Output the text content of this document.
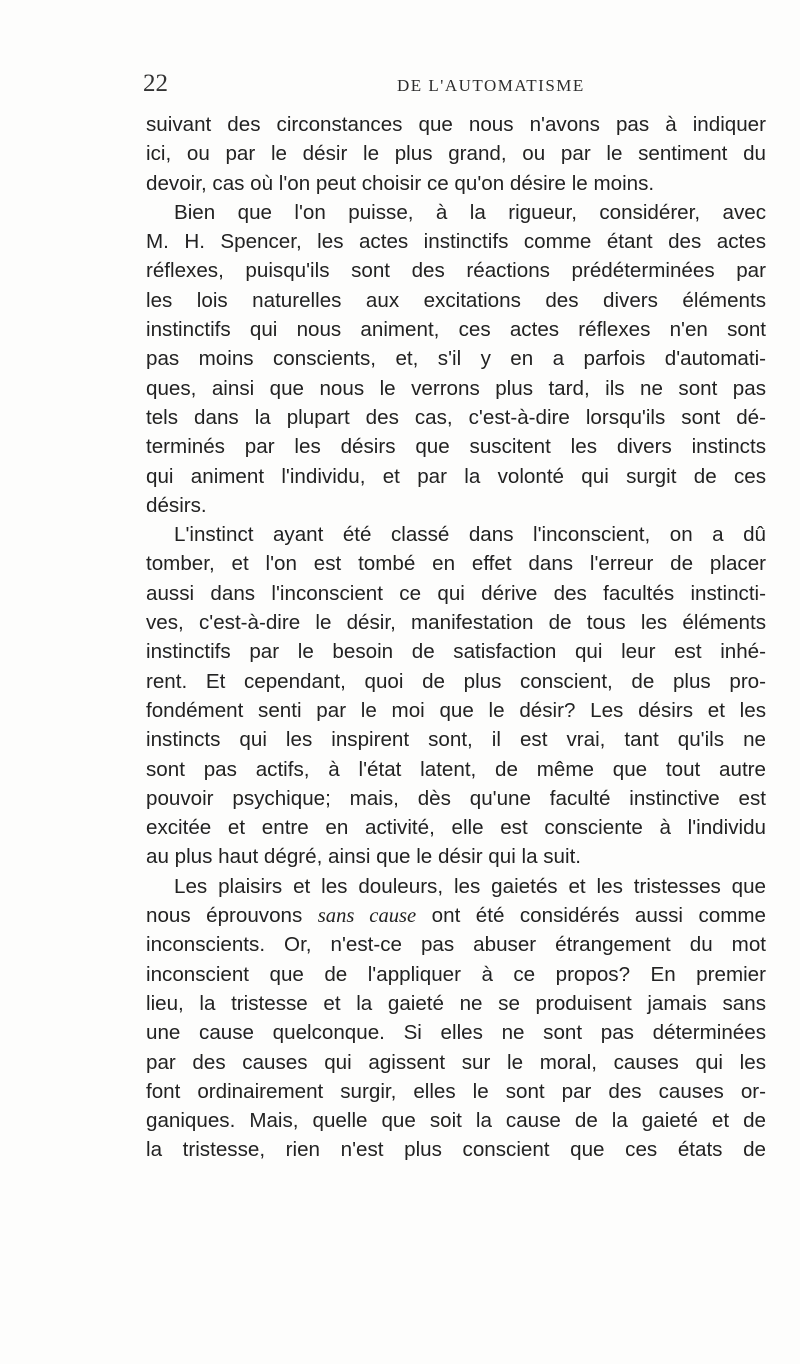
22	DE L'AUTOMATISME
suivant des circonstances que nous n'avons pas à indiquer
ici, ou par le désir le plus grand, ou par le sentiment du
devoir, cas où l'on peut choisir ce qu'on désire le moins.
Bien que l'on puisse, à la rigueur, considérer, avec
M. H. Spencer, les actes instinctifs comme étant des actes
réflexes, puisqu'ils sont des réactions prédéterminées par
les lois naturelles aux excitations des divers éléments
instinctifs qui nous animent, ces actes réflexes n'en sont
pas moins conscients, et, s'il y en a parfois d'automati-
ques, ainsi que nous le verrons plus tard, ils ne sont pas
tels dans la plupart des cas, c'est-à-dire lorsqu'ils sont dé-
terminés par les désirs que suscitent les divers instincts
qui animent l'individu, et par la volonté qui surgit de ces
désirs.
L'instinct ayant été classé dans l'inconscient, on a dû
tomber, et l'on est tombé en effet dans l'erreur de placer
aussi dans l'inconscient ce qui dérive des facultés instincti-
ves, c'est-à-dire le désir, manifestation de tous les éléments
instinctifs par le besoin de satisfaction qui leur est inhé-
rent. Et cependant, quoi de plus conscient, de plus pro-
fondément senti par le moi que le désir? Les désirs et les
instincts qui les inspirent sont, il est vrai, tant qu'ils ne
sont pas actifs, à l'état latent, de même que tout autre
pouvoir psychique; mais, dès qu'une faculté instinctive est
excitée et entre en activité, elle est consciente à l'individu
au plus haut dégré, ainsi que le désir qui la suit.
Les plaisirs et les douleurs, les gaietés et les tristesses que
nous éprouvons sans cause ont été considérés aussi comme
inconscients. Or, n'est-ce pas abuser étrangement du mot
inconscient que de l'appliquer à ce propos? En premier
lieu, la tristesse et la gaieté ne se produisent jamais sans
une cause quelconque. Si elles ne sont pas déterminées
par des causes qui agissent sur le moral, causes qui les
font ordinairement surgir, elles le sont par des causes or-
ganiques. Mais, quelle que soit la cause de la gaieté et de
la tristesse, rien n'est plus conscient que ces états de
